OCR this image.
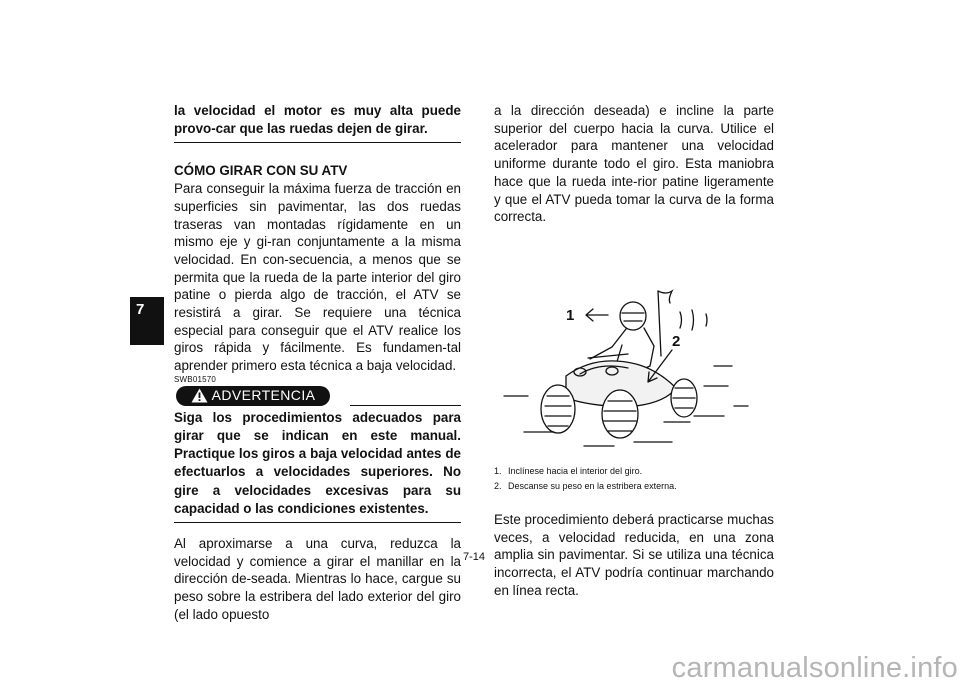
7

la velocidad el motor es muy alta puede provo-car que las ruedas dejen de girar.

CÓMO GIRAR CON SU ATV

Para conseguir la máxima fuerza de tracción en superficies sin pavimentar, las dos ruedas traseras van montadas rígidamente en un mismo eje y gi-ran conjuntamente a la misma velocidad. En con-secuencia, a menos que se permita que la rueda de la parte interior del giro patine o pierda algo de tracción, el ATV se resistirá a girar. Se requiere una técnica especial para conseguir que el ATV realice los giros rápida y fácilmente. Es fundamen-tal aprender primero esta técnica a baja velocidad.

SWB01570
ADVERTENCIA

Siga los procedimientos adecuados para girar que se indican en este manual. Practique los giros a baja velocidad antes de efectuarlos a velocidades superiores. No gire a velocidades excesivas para su capacidad o las condiciones existentes.

Al aproximarse a una curva, reduzca la velocidad y comience a girar el manillar en la dirección de-seada. Mientras lo hace, cargue su peso sobre la estribera del lado exterior del giro (el lado opuesto

a la dirección deseada) e incline la parte superior del cuerpo hacia la curva. Utilice el acelerador para mantener una velocidad uniforme durante todo el giro. Esta maniobra hace que la rueda inte-rior patine ligeramente y que el ATV pueda tomar la curva de la forma correcta.

1
2
1. Inclínese hacia el interior del giro.
2. Descanse su peso en la estribera externa.

Este procedimiento deberá practicarse muchas veces, a velocidad reducida, en una zona amplia sin pavimentar. Si se utiliza una técnica incorrecta, el ATV podría continuar marchando en línea recta.

7-14
carmanualsonline.info
